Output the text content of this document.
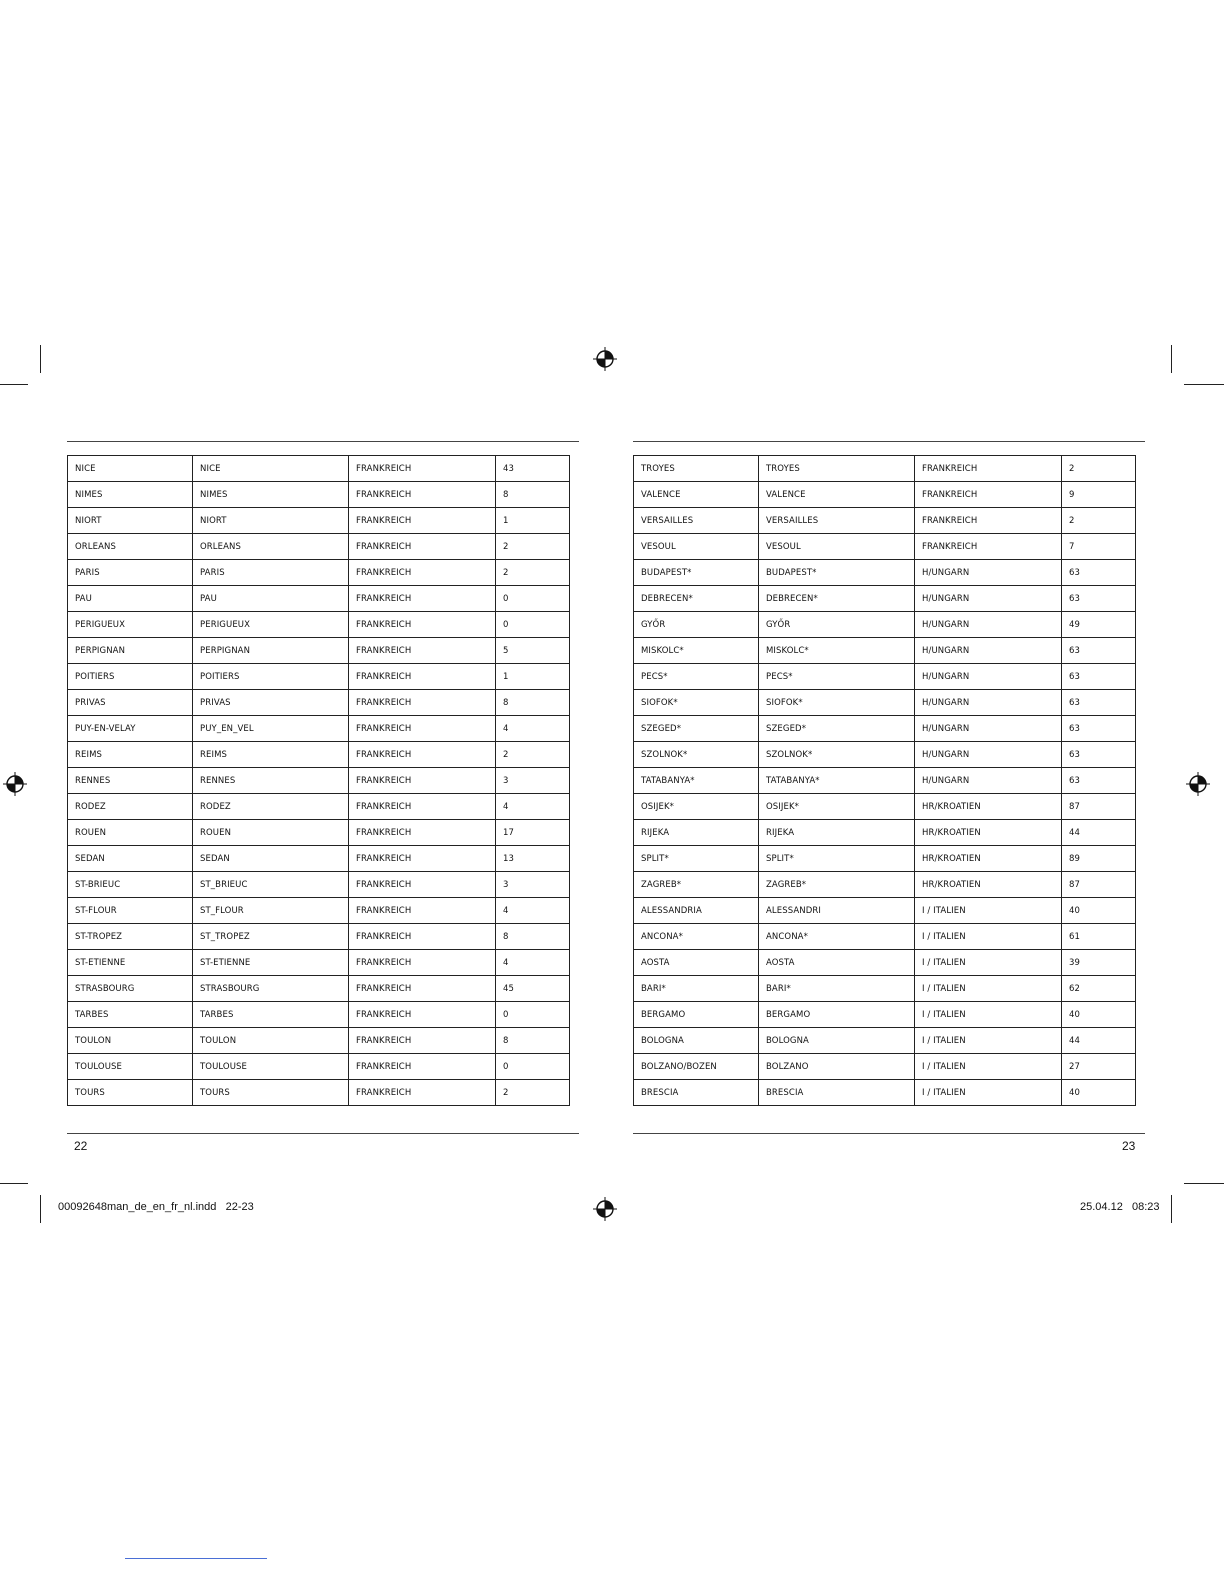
NICE	NICE	FRANKREICH	43
NIMES	NIMES	FRANKREICH	8
NIORT	NIORT	FRANKREICH	1
ORLEANS	ORLEANS	FRANKREICH	2
PARIS	PARIS	FRANKREICH	2
PAU	PAU	FRANKREICH	0
PERIGUEUX	PERIGUEUX	FRANKREICH	0
PERPIGNAN	PERPIGNAN	FRANKREICH	5
POITIERS	POITIERS	FRANKREICH	1
PRIVAS	PRIVAS	FRANKREICH	8
PUY-EN-VELAY	PUY_EN_VEL	FRANKREICH	4
REIMS	REIMS	FRANKREICH	2
RENNES	RENNES	FRANKREICH	3
RODEZ	RODEZ	FRANKREICH	4
ROUEN	ROUEN	FRANKREICH	17
SEDAN	SEDAN	FRANKREICH	13
ST-BRIEUC	ST_BRIEUC	FRANKREICH	3
ST-FLOUR	ST_FLOUR	FRANKREICH	4
ST-TROPEZ	ST_TROPEZ	FRANKREICH	8
ST-ETIENNE	ST-ETIENNE	FRANKREICH	4
STRASBOURG	STRASBOURG	FRANKREICH	45
TARBES	TARBES	FRANKREICH	0
TOULON	TOULON	FRANKREICH	8
TOULOUSE	TOULOUSE	FRANKREICH	0
TOURS	TOURS	FRANKREICH	2
TROYES	TROYES	FRANKREICH	2
VALENCE	VALENCE	FRANKREICH	9
VERSAILLES	VERSAILLES	FRANKREICH	2
VESOUL	VESOUL	FRANKREICH	7
BUDAPEST*	BUDAPEST*	H/UNGARN	63
DEBRECEN*	DEBRECEN*	H/UNGARN	63
GYŐR	GYŐR	H/UNGARN	49
MISKOLC*	MISKOLC*	H/UNGARN	63
PECS*	PECS*	H/UNGARN	63
SIOFOK*	SIOFOK*	H/UNGARN	63
SZEGED*	SZEGED*	H/UNGARN	63
SZOLNOK*	SZOLNOK*	H/UNGARN	63
TATABANYA*	TATABANYA*	H/UNGARN	63
OSIJEK*	OSIJEK*	HR/KROATIEN	87
RIJEKA	RIJEKA	HR/KROATIEN	44
SPLIT*	SPLIT*	HR/KROATIEN	89
ZAGREB*	ZAGREB*	HR/KROATIEN	87
ALESSANDRIA	ALESSANDRI	I / ITALIEN	40
ANCONA*	ANCONA*	I / ITALIEN	61
AOSTA	AOSTA	I / ITALIEN	39
BARI*	BARI*	I / ITALIEN	62
BERGAMO	BERGAMO	I / ITALIEN	40
BOLOGNA	BOLOGNA	I / ITALIEN	44
BOLZANO/BOZEN	BOLZANO	I / ITALIEN	27
BRESCIA	BRESCIA	I / ITALIEN	40
22	23
00092648man_de_en_fr_nl.indd   22-23	25.04.12   08:23
